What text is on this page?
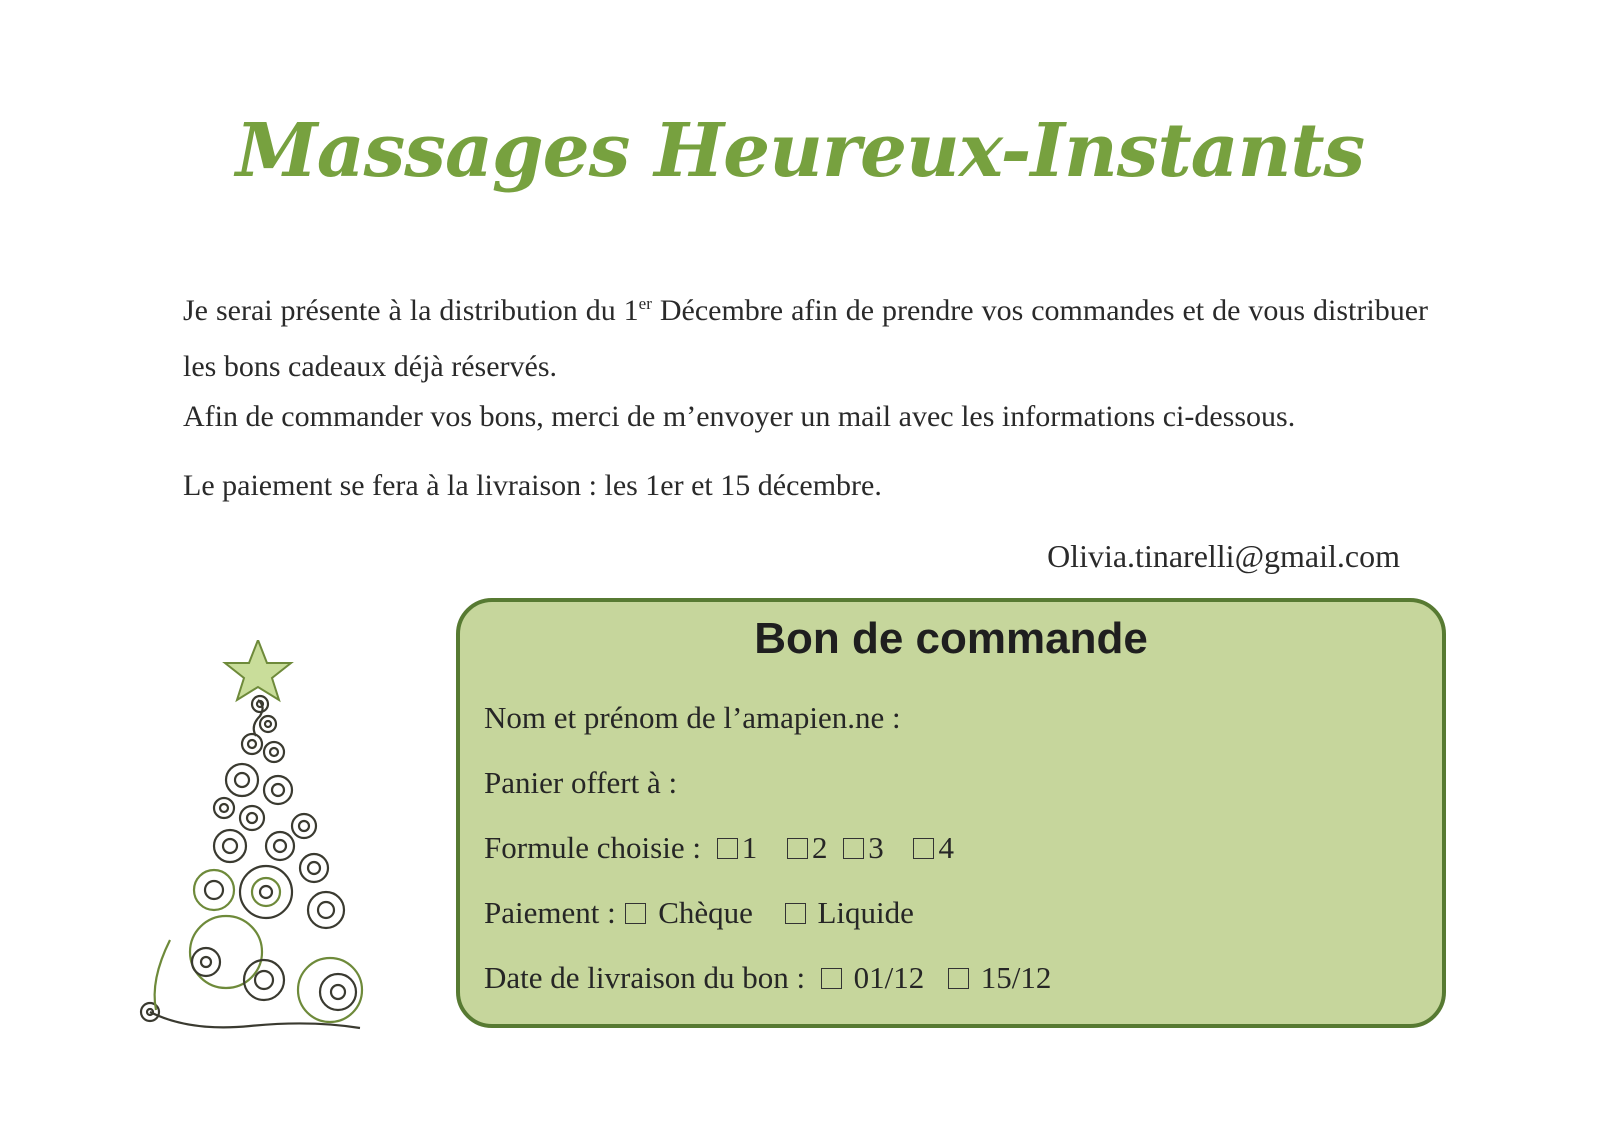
Massages Heureux-Instants

Je serai présente à la distribution du 1er Décembre afin de prendre vos commandes et de vous distribuer les bons cadeaux déjà réservés.

Afin de commander vos bons, merci de m’envoyer un mail avec les informations ci-dessous.

Le paiement se fera à la livraison : les 1er et 15 décembre.

Olivia.tinarelli@gmail.com
Bon de commande
Nom et prénom de l’amapien.ne :
Panier offert à :
Formule choisie : 1 2 3 4
Paiement : Chèque Liquide
Date de livraison du bon : 01/12 15/12
